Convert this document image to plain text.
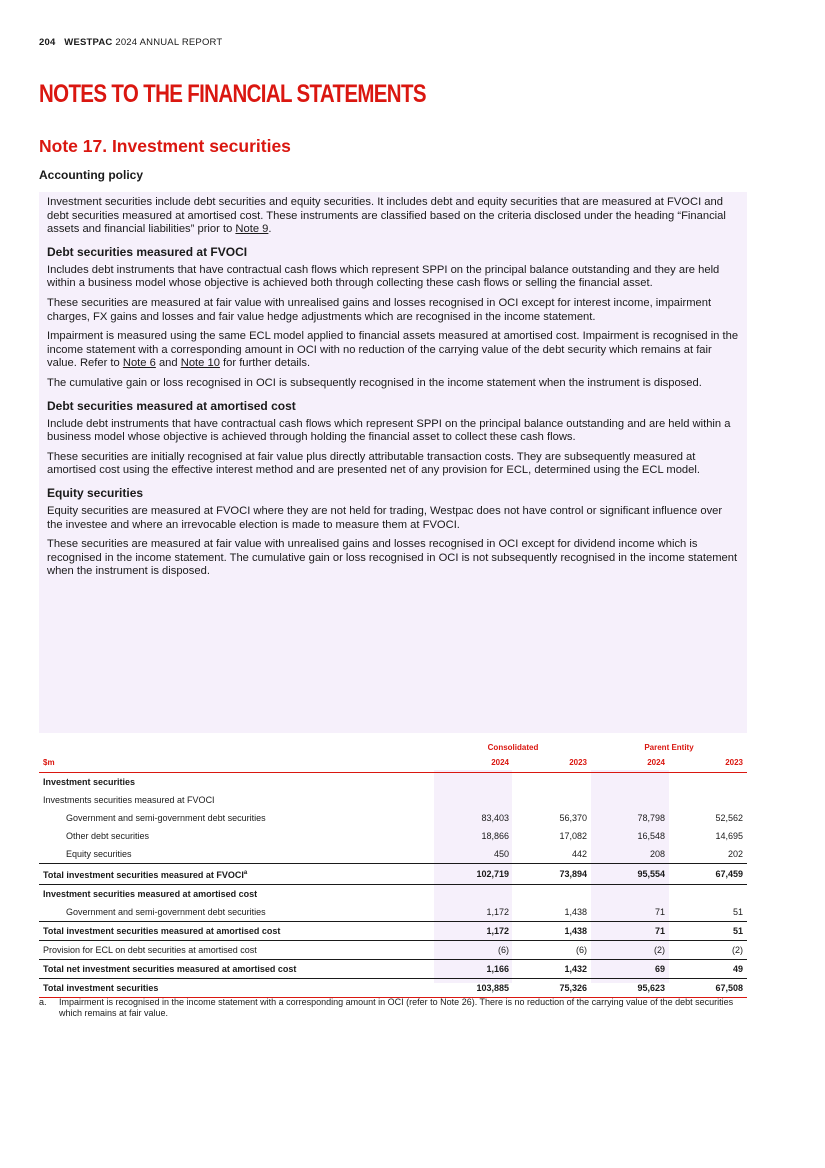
204 WESTPAC 2024 ANNUAL REPORT
NOTES TO THE FINANCIAL STATEMENTS
Note 17. Investment securities
Accounting policy

Investment securities include debt securities and equity securities. It includes debt and equity securities that are measured at FVOCI and debt securities measured at amortised cost. These instruments are classified based on the criteria disclosed under the heading “Financial assets and financial liabilities” prior to Note 9.

Debt securities measured at FVOCI

Includes debt instruments that have contractual cash flows which represent SPPI on the principal balance outstanding and they are held within a business model whose objective is achieved both through collecting these cash flows or selling the financial asset.

These securities are measured at fair value with unrealised gains and losses recognised in OCI except for interest income, impairment charges, FX gains and losses and fair value hedge adjustments which are recognised in the income statement.

Impairment is measured using the same ECL model applied to financial assets measured at amortised cost. Impairment is recognised in the income statement with a corresponding amount in OCI with no reduction of the carrying value of the debt security which remains at fair value. Refer to Note 6 and Note 10 for further details.

The cumulative gain or loss recognised in OCI is subsequently recognised in the income statement when the instrument is disposed.

Debt securities measured at amortised cost

Include debt instruments that have contractual cash flows which represent SPPI on the principal balance outstanding and are held within a business model whose objective is achieved through holding the financial asset to collect these cash flows.

These securities are initially recognised at fair value plus directly attributable transaction costs. They are subsequently measured at amortised cost using the effective interest method and are presented net of any provision for ECL, determined using the ECL model.

Equity securities

Equity securities are measured at FVOCI where they are not held for trading, Westpac does not have control or significant influence over the investee and where an irrevocable election is made to measure them at FVOCI.

These securities are measured at fair value with unrealised gains and losses recognised in OCI except for dividend income which is recognised in the income statement. The cumulative gain or loss recognised in OCI is not subsequently recognised in the income statement when the instrument is disposed.

	Consolidated		Parent Entity	
$m	2024	2023	2024	2023
Investment securities				
Investments securities measured at FVOCI				
Government and semi-government debt securities	83,403	56,370	78,798	52,562
Other debt securities	18,866	17,082	16,548	14,695
Equity securities	450	442	208	202
Total investment securities measured at FVOCI$^a$	102,719	73,894	95,554	67,459
Investment securities measured at amortised cost				
Government and semi-government debt securities	1,172	1,438	71	51
Total investment securities measured at amortised cost	1,172	1,438	71	51
Provision for ECL on debt securities at amortised cost	(6)	(6)	(2)	(2)
Total net investment securities measured at amortised cost	1,166	1,432	69	49
Total investment securities	103,885	75,326	95,623	67,508
a. Impairment is recognised in the income statement with a corresponding amount in OCI (refer to Note 26). There is no reduction of the carrying value of the debt securities which remains at fair value.
